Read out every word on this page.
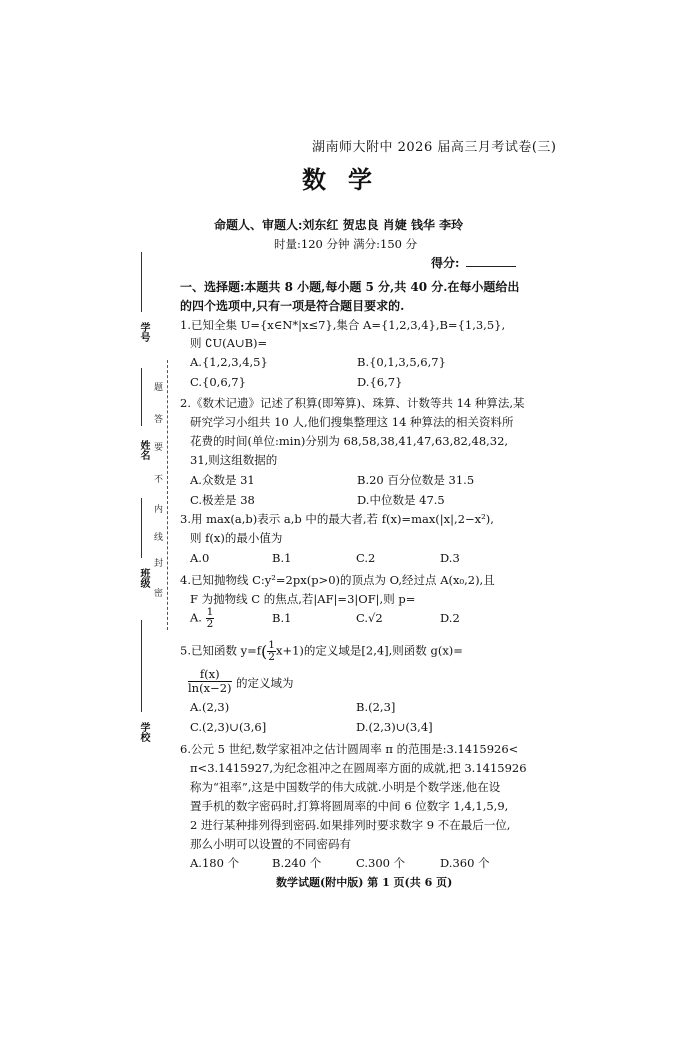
学号
姓名
班级
学校
题
答
要
不
内
线
封
密
湖南师大附中 2026 届高三月考试卷(三)
数学
命题人、审题人:刘东红 贺忠良 肖婕 钱华 李玲
时量:120 分钟 满分:150 分
得分:
一、选择题:本题共 8 小题,每小题 5 分,共 40 分.在每小题给出的四个选项中,只有一项是符合题目要求的.
1.已知全集 U={x∈N*|x≤7},集合 A={1,2,3,4},B={1,3,5},
则 ∁U(A∪B)=
A.{1,2,3,4,5}	B.{0,1,3,5,6,7}
C.{0,6,7}	D.{6,7}
2.《数术记遗》记述了积算(即筹算)、珠算、计数等共 14 种算法,某
研究学习小组共 10 人,他们搜集整理这 14 种算法的相关资料所
花费的时间(单位:min)分别为 68,58,38,41,47,63,82,48,32,
31,则这组数据的
A.众数是 31	B.20 百分位数是 31.5
C.极差是 38	D.中位数是 47.5
3.用 max(a,b)表示 a,b 中的最大者,若 f(x)=max(|x|,2−x²),
则 f(x)的最小值为
A.0	B.1	C.2	D.3
4.已知抛物线 C:y²=2px(p>0)的顶点为 O,经过点 A(x₀,2),且
F 为抛物线 C 的焦点,若|AF|=3|OF|,则 p=
A. $\frac{1}{2}$	B.1	C.√2	D.2
5.已知函数 $y=f( \frac{1}{2} x+1)$的定义域是[2,4],则函数 g(x)=
$\frac{f(x)}{\ln(x-2)}$ 的定义域为
A.(2,3)	B.(2,3]
C.(2,3)∪(3,6]	D.(2,3)∪(3,4]
6.公元 5 世纪,数学家祖冲之估计圆周率 π 的范围是:3.1415926<
π<3.1415927,为纪念祖冲之在圆周率方面的成就,把 3.1415926
称为“祖率”,这是中国数学的伟大成就.小明是个数学迷,他在设
置手机的数字密码时,打算将圆周率的中间 6 位数字 1,4,1,5,9,
2 进行某种排列得到密码.如果排列时要求数字 9 不在最后一位,
那么小明可以设置的不同密码有
A.180 个	B.240 个	C.300 个	D.360 个
数学试题(附中版) 第 1 页(共 6 页)
